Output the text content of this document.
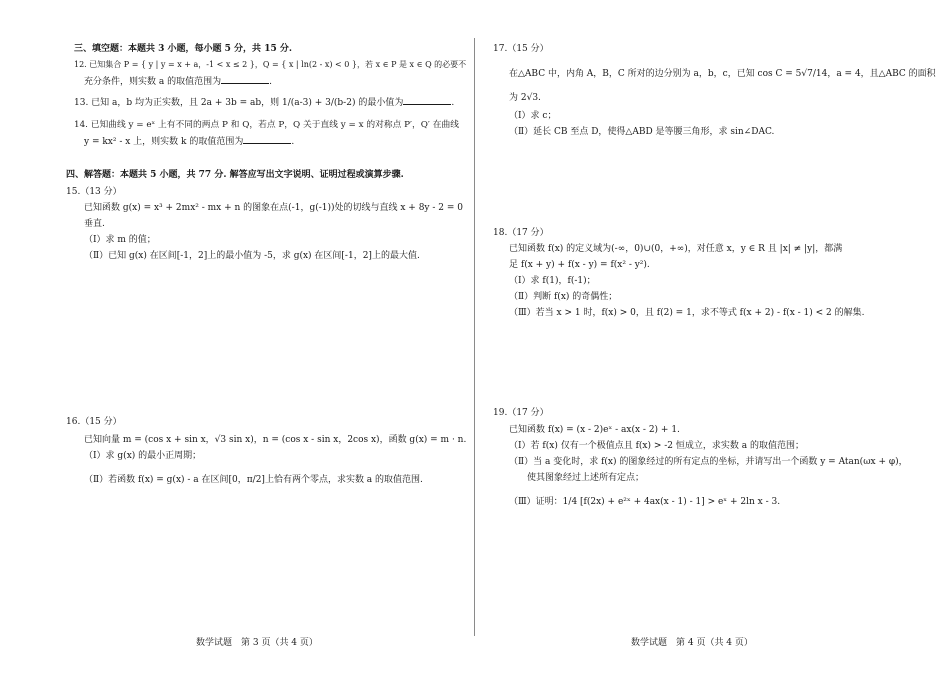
三、填空题：本题共 3 小题，每小题 5 分，共 15 分.
12. 已知集合 P = { y | y = x + a，-1 < x ≤ 2 }，Q = { x | ln(2 - x) < 0 }，若 x ∈ P 是 x ∈ Q 的必要不
充分条件，则实数 a 的取值范围为	.
13. 已知 a，b 均为正实数，且 2a + 3b = ab，则 1/(a-3) + 3/(b-2) 的最小值为	.
14. 已知曲线 y = eˣ 上有不同的两点 P 和 Q，若点 P，Q 关于直线 y = x 的对称点 P′，Q′ 在曲线
y = kx² - x 上，则实数 k 的取值范围为	.
四、解答题：本题共 5 小题，共 77 分. 解答应写出文字说明、证明过程或演算步骤.
15.（13 分）
已知函数 g(x) = x³ + 2mx² - mx + n 的图象在点(-1，g(-1))处的切线与直线 x + 8y - 2 = 0
垂直.
（Ⅰ）求 m 的值；
（Ⅱ）已知 g(x) 在区间[-1，2]上的最小值为 -5，求 g(x) 在区间[-1，2]上的最大值.
16.（15 分）
已知向量 m = (cos x + sin x，√3 sin x)，n = (cos x - sin x，2cos x)，函数 g(x) = m · n.
（Ⅰ）求 g(x) 的最小正周期；
（Ⅱ）若函数 f(x) = g(x) - a 在区间[0，π/2]上恰有两个零点，求实数 a 的取值范围.
数学试题　第 3 页（共 4 页）
17.（15 分）
在△ABC 中，内角 A，B，C 所对的边分别为 a，b，c，已知 cos C = 5√7/14，a = 4，且△ABC 的面积
为 2√3.
（Ⅰ）求 c；
（Ⅱ）延长 CB 至点 D，使得△ABD 是等腰三角形，求 sin∠DAC.
18.（17 分）
已知函数 f(x) 的定义域为(-∞，0)∪(0，+∞)，对任意 x，y ∈ R 且 |x| ≠ |y|，都满
足 f(x + y) + f(x - y) = f(x² - y²).
（Ⅰ）求 f(1)，f(-1)；
（Ⅱ）判断 f(x) 的奇偶性；
（Ⅲ）若当 x > 1 时，f(x) > 0，且 f(2) = 1，求不等式 f(x + 2) - f(x - 1) < 2 的解集.
19.（17 分）
已知函数 f(x) = (x - 2)eˣ - ax(x - 2) + 1.
（Ⅰ）若 f(x) 仅有一个极值点且 f(x) > -2 恒成立，求实数 a 的取值范围；
（Ⅱ）当 a 变化时，求 f(x) 的图象经过的所有定点的坐标，并请写出一个函数 y = Atan(ωx + φ)，
使其图象经过上述所有定点；
（Ⅲ）证明：1/4 [f(2x) + e²ˣ + 4ax(x - 1) - 1] > eˣ + 2ln x - 3.
数学试题　第 4 页（共 4 页）
